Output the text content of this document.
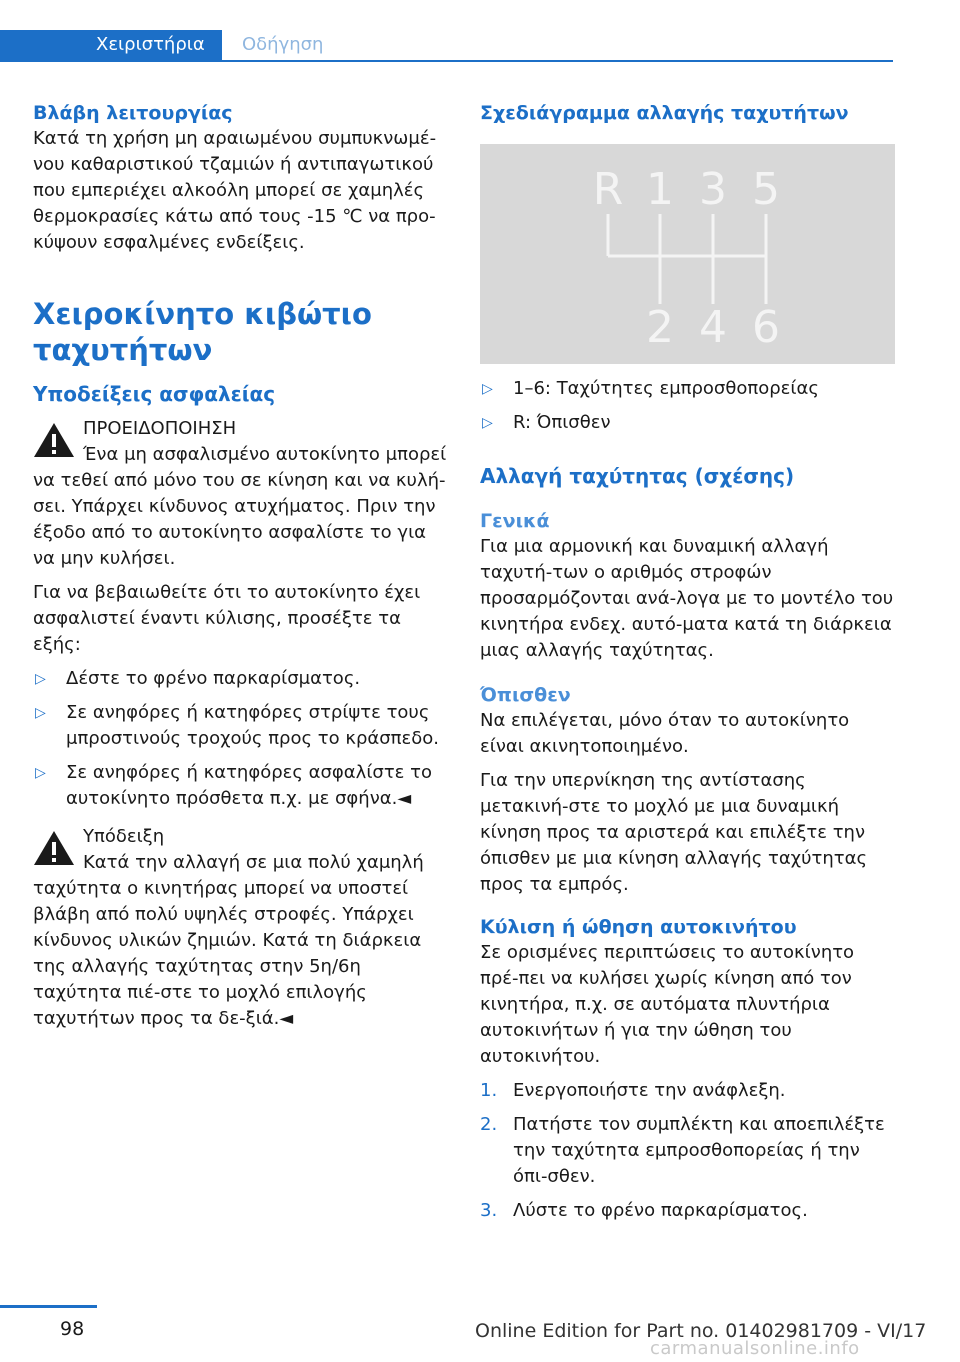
Χειριστήρια	Οδήγηση
Βλάβη λειτουργίας

Κατά τη χρήση μη αραιωμένου συμπυκνωμέ-νου καθαριστικού τζαμιών ή αντιπαγωτικού που εμπεριέχει αλκοόλη μπορεί σε χαμηλές θερμοκρασίες κάτω από τους -15 ℃ να προ-κύψουν εσφαλμένες ενδείξεις.

Χειροκίνητο κιβώτιο ταχυτήτων
Υποδείξεις ασφαλείας
ΠΡΟΕΙΔΟΠΟΙΗΣΗ

Ένα μη ασφαλισμένο αυτοκίνητο μπορεί να τεθεί από μόνο του σε κίνηση και να κυλή-σει. Υπάρχει κίνδυνος ατυχήματος. Πριν την έξοδο από το αυτοκίνητο ασφαλίστε το για να μην κυλήσει.

Για να βεβαιωθείτε ότι το αυτοκίνητο έχει ασφαλιστεί έναντι κύλισης, προσέξτε τα εξής:

▷ Δέστε το φρένο παρκαρίσματος.
▷ Σε ανηφόρες ή κατηφόρες στρίψτε τους μπροστινούς τροχούς προς το κράσπεδο.
▷ Σε ανηφόρες ή κατηφόρες ασφαλίστε το αυτοκίνητο πρόσθετα π.χ. με σφήνα.◄
Υπόδειξη

Κατά την αλλαγή σε μια πολύ χαμηλή ταχύτητα ο κινητήρας μπορεί να υποστεί βλάβη από πολύ υψηλές στροφές. Υπάρχει κίνδυνος υλικών ζημιών. Κατά τη διάρκεια της αλλαγής ταχύτητας στην 5η/6η ταχύτητα πιέ-στε το μοχλό επιλογής ταχυτήτων προς τα δε-ξιά.◄

Σχεδιάγραμμα αλλαγής ταχυτήτων
R 1 3 5
2 4 6
▷ 1–6: Ταχύτητες εμπροσθοπορείας
▷ R: Όπισθεν
Αλλαγή ταχύτητας (σχέσης)
Γενικά

Για μια αρμονική και δυναμική αλλαγή ταχυτή-των ο αριθμός στροφών προσαρμόζονται ανά-λογα με το μοντέλο του κινητήρα ενδεχ. αυτό-ματα κατά τη διάρκεια μιας αλλαγής ταχύτητας.

Όπισθεν

Να επιλέγεται, μόνο όταν το αυτοκίνητο είναι ακινητοποιημένο.

Για την υπερνίκηση της αντίστασης μετακινή-στε το μοχλό με μια δυναμική κίνηση προς τα αριστερά και επιλέξτε την όπισθεν με μια κίνηση αλλαγής ταχύτητας προς τα εμπρός.

Κύλιση ή ώθηση αυτοκινήτου

Σε ορισμένες περιπτώσεις το αυτοκίνητο πρέ-πει να κυλήσει χωρίς κίνηση από τον κινητήρα, π.χ. σε αυτόματα πλυντήρια αυτοκινήτων ή για την ώθηση του αυτοκινήτου.

1. Ενεργοποιήστε την ανάφλεξη.
2. Πατήστε τον συμπλέκτη και αποεπιλέξτε την ταχύτητα εμπροσθοπορείας ή την όπι-σθεν.
3. Λύστε το φρένο παρκαρίσματος.
98	Online Edition for Part no. 01402981709 - VI/17
carmanualsonline.info
